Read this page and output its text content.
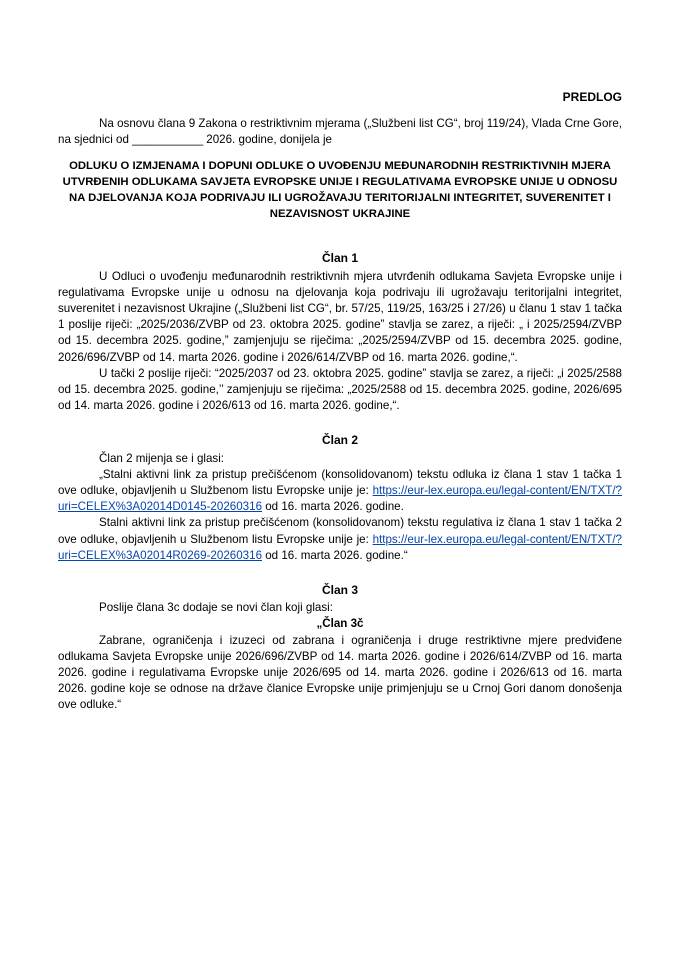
PREDLOG

Na osnovu člana 9 Zakona o restriktivnim mjerama („Službeni list CG“, broj 119/24), Vlada Crne Gore, na sjednici od ___________ 2026. godine, donijela je

ODLUKU O IZMJENAMA I DOPUNI ODLUKE O UVOĐENJU MEĐUNARODNIH RESTRIKTIVNIH MJERA UTVRĐENIH ODLUKAMA SAVJETA EVROPSKE UNIJE I REGULATIVAMA EVROPSKE UNIJE U ODNOSU NA DJELOVANJA KOJA PODRIVAJU ILI UGROŽAVAJU TERITORIJALNI INTEGRITET, SUVERENITET I NEZAVISNOST UKRAJINE

Član 1

U Odluci o uvođenju međunarodnih restriktivnih mjera utvrđenih odlukama Savjeta Evropske unije i regulativama Evropske unije u odnosu na djelovanja koja podrivaju ili ugrožavaju teritorijalni integritet, suverenitet i nezavisnost Ukrajine („Službeni list CG“, br. 57/25, 119/25, 163/25 i 27/26) u članu 1 stav 1 tačka 1 poslije riječi: „2025/2036/ZVBP od 23. oktobra 2025. godine” stavlja se zarez, a riječi: „ i 2025/2594/ZVBP od 15. decembra 2025. godine,” zamjenjuju se riječima: „2025/2594/ZVBP od 15. decembra 2025. godine, 2026/696/ZVBP od 14. marta 2026. godine i 2026/614/ZVBP od 16. marta 2026. godine,“.

U tački 2 poslije riječi: “2025/2037 od 23. oktobra 2025. godine” stavlja se zarez, a riječi: „i 2025/2588 od 15. decembra 2025. godine,’’ zamjenjuju se riječima: „2025/2588 od 15. decembra 2025. godine, 2026/695 od 14. marta 2026. godine i 2026/613 od 16. marta 2026. godine,“.

Član 2

Član 2 mijenja se i glasi:

„Stalni aktivni link za pristup prečišćenom (konsolidovanom) tekstu odluka iz člana 1 stav 1 tačka 1 ove odluke, objavljenih u Službenom listu Evropske unije je: https://eur-lex.europa.eu/legal-content/EN/TXT/?uri=CELEX%3A02014D0145-20260316 od 16. marta 2026. godine.

Stalni aktivni link za pristup prečišćenom (konsolidovanom) tekstu regulativa iz člana 1 stav 1 tačka 2 ove odluke, objavljenih u Službenom listu Evropske unije je: https://eur-lex.europa.eu/legal-content/EN/TXT/?uri=CELEX%3A02014R0269-20260316 od 16. marta 2026. godine.“

Član 3

Poslije člana 3c dodaje se novi član koji glasi:

„Član 3č

Zabrane, ograničenja i izuzeci od zabrana i ograničenja i druge restriktivne mjere predviđene odlukama Savjeta Evropske unije 2026/696/ZVBP od 14. marta 2026. godine i 2026/614/ZVBP od 16. marta 2026. godine i regulativama Evropske unije 2026/695 od 14. marta 2026. godine i 2026/613 od 16. marta 2026. godine koje se odnose na države članice Evropske unije primjenjuju se u Crnoj Gori danom donošenja ove odluke.“
